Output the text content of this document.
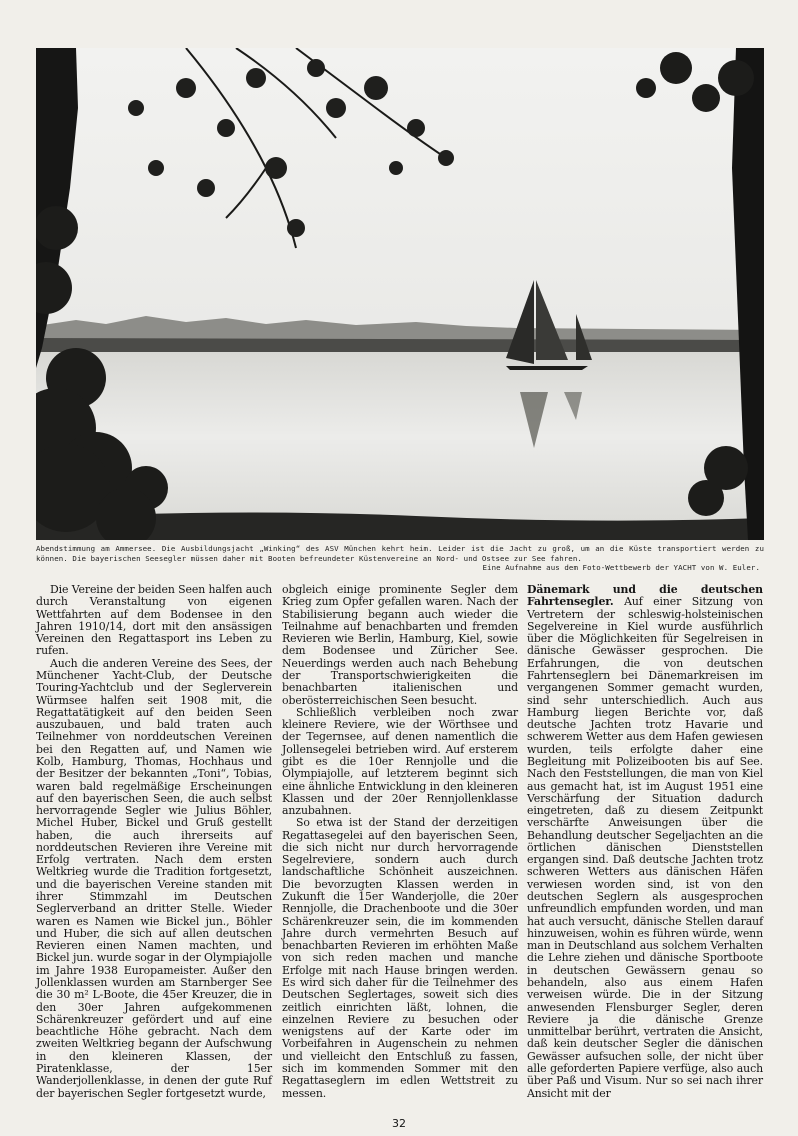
Abendstimmung am Ammersee. Die Ausbildungsjacht „Winking“ des ASV München kehrt heim. Leider ist die Jacht zu groß, um an die Küste transportiert werden zu können. Die bayerischen Seesegler müssen daher mit Booten befreundeter Küstenvereine an Nord- und Ostsee zur See fahren.
Eine Aufnahme aus dem Foto-Wettbewerb der YACHT von W. Euler.

Die Vereine der beiden Seen halfen auch durch Veranstaltung von eigenen Wettfahrten auf dem Bodensee in den Jahren 1910/14, dort mit den ansässigen Vereinen den Regattasport ins Leben zu rufen.

Auch die anderen Vereine des Sees, der Münchener Yacht-Club, der Deutsche Touring-Yachtclub und der Seglerverein Würmsee halfen seit 1908 mit, die Regattatätigkeit auf den beiden Seen auszubauen, und bald traten auch Teilnehmer von norddeutschen Vereinen bei den Regatten auf, und Namen wie Kolb, Hamburg, Thomas, Hochhaus und der Besitzer der bekannten „Toni“, Tobias, waren bald regelmäßige Erscheinungen auf den bayerischen Seen, die auch selbst hervorragende Segler wie Julius Böhler, Michel Huber, Bickel und Gruß gestellt haben, die auch ihrerseits auf norddeutschen Revieren ihre Vereine mit Erfolg vertraten. Nach dem ersten Weltkrieg wurde die Tradition fortgesetzt, und die bayerischen Vereine standen mit ihrer Stimmzahl im Deutschen Seglerverband an dritter Stelle. Wieder waren es Namen wie Bickel jun., Böhler und Huber, die sich auf allen deutschen Revieren einen Namen machten, und Bickel jun. wurde sogar in der Olympiajolle im Jahre 1938 Europameister. Außer den Jollenklassen wurden am Starnberger See die 30 m² L-Boote, die 45er Kreuzer, die in den 30er Jahren aufgekommenen Schärenkreuzer gefördert und auf eine beachtliche Höhe gebracht. Nach dem zweiten Weltkrieg begann der Aufschwung in den kleineren Klassen, der Piratenklasse, der 15er Wanderjollenklasse, in denen der gute Ruf der bayerischen Segler fortgesetzt wurde,

obgleich einige prominente Segler dem Krieg zum Opfer gefallen waren. Nach der Stabilisierung begann auch wieder die Teilnahme auf benachbarten und fremden Revieren wie Berlin, Hamburg, Kiel, sowie dem Bodensee und Züricher See. Neuerdings werden auch nach Behebung der Transportschwierigkeiten die benachbarten italienischen und oberösterreichischen Seen besucht.

Schließlich verbleiben noch zwar kleinere Reviere, wie der Wörthsee und der Tegernsee, auf denen namentlich die Jollensegelei betrieben wird. Auf ersterem gibt es die 10er Rennjolle und die Olympiajolle, auf letzterem beginnt sich eine ähnliche Entwicklung in den kleineren Klassen und der 20er Rennjollenklasse anzubahnen.

So etwa ist der Stand der derzeitigen Regattasegelei auf den bayerischen Seen, die sich nicht nur durch hervorragende Segelreviere, sondern auch durch landschaftliche Schönheit auszeichnen. Die bevorzugten Klassen werden in Zukunft die 15er Wanderjolle, die 20er Rennjolle, die Drachenboote und die 30er Schärenkreuzer sein, die im kommenden Jahre durch vermehrten Besuch auf benachbarten Revieren im erhöhten Maße von sich reden machen und manche Erfolge mit nach Hause bringen werden. Es wird sich daher für die Teilnehmer des Deutschen Seglertages, soweit sich dies zeitlich einrichten läßt, lohnen, die einzelnen Reviere zu besuchen oder wenigstens auf der Karte oder im Vorbeifahren in Augenschein zu nehmen und vielleicht den Entschluß zu fassen, sich im kommenden Sommer mit den Regattaseglern im edlen Wettstreit zu messen.

Dänemark und die deutschen Fahrtensegler. Auf einer Sitzung von Vertretern der schleswig-holsteinischen Segelvereine in Kiel wurde ausführlich über die Möglichkeiten für Segelreisen in dänische Gewässer gesprochen. Die Erfahrungen, die von deutschen Fahrtenseglern bei Dänemarkreisen im vergangenen Sommer gemacht wurden, sind sehr unterschiedlich. Auch aus Hamburg liegen Berichte vor, daß deutsche Jachten trotz Havarie und schwerem Wetter aus dem Hafen gewiesen wurden, teils erfolgte daher eine Begleitung mit Polizeibooten bis auf See. Nach den Feststellungen, die man von Kiel aus gemacht hat, ist im August 1951 eine Verschärfung der Situation dadurch eingetreten, daß zu diesem Zeitpunkt verschärfte Anweisungen über die Behandlung deutscher Segeljachten an die örtlichen dänischen Dienststellen ergangen sind. Daß deutsche Jachten trotz schweren Wetters aus dänischen Häfen verwiesen worden sind, ist von den deutschen Seglern als ausgesprochen unfreundlich empfunden worden, und man hat auch versucht, dänische Stellen darauf hinzuweisen, wohin es führen würde, wenn man in Deutschland aus solchem Verhalten die Lehre ziehen und dänische Sportboote in deutschen Gewässern genau so behandeln, also aus einem Hafen verweisen würde. Die in der Sitzung anwesenden Flensburger Segler, deren Reviere ja die dänische Grenze unmittelbar berührt, vertraten die Ansicht, daß kein deutscher Segler die dänischen Gewässer aufsuchen solle, der nicht über alle geforderten Papiere verfüge, also auch über Paß und Visum. Nur so sei nach ihrer Ansicht mit der

32
